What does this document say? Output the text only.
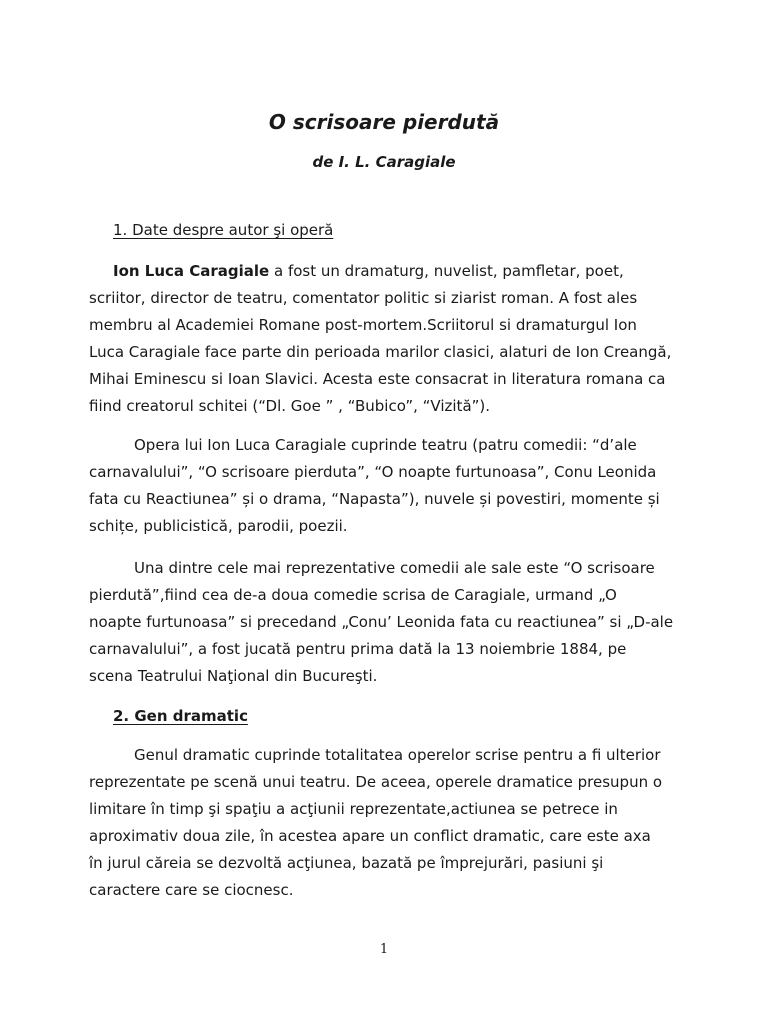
O scrisoare pierdută
de I. L. Caragiale
1. Date despre autor şi operă

Ion Luca Caragiale a fost un dramaturg, nuvelist, pamfletar, poet,
scriitor, director de teatru, comentator politic si ziarist roman. A fost ales
membru al Academiei Romane post-mortem.Scriitorul si dramaturgul Ion
Luca Caragiale face parte din perioada marilor clasici, alaturi de Ion Creangă,
Mihai Eminescu si Ioan Slavici. Acesta este consacrat in literatura romana ca
fiind creatorul schitei (“Dl. Goe ” , “Bubico”, “Vizită”).

Opera lui Ion Luca Caragiale cuprinde teatru (patru comedii: “d’ale
carnavalului”, “O scrisoare pierduta”, “O noapte furtunoasa”, Conu Leonida
fata cu Reactiunea” și o drama, “Napasta”), nuvele și povestiri, momente și
schițe, publicistică, parodii, poezii.

Una dintre cele mai reprezentative comedii ale sale este “O scrisoare
pierdută”,fiind cea de-a doua comedie scrisa de Caragiale, urmand „O
noapte furtunoasa” si precedand „Conu’ Leonida fata cu reactiunea” si „D-ale
carnavalului”, a fost jucată pentru prima dată la 13 noiembrie 1884, pe
scena Teatrului Naţional din Bucureşti.

2. Gen dramatic

Genul dramatic cuprinde totalitatea operelor scrise pentru a fi ulterior
reprezentate pe scenă unui teatru. De aceea, operele dramatice presupun o
limitare în timp şi spaţiu a acţiunii reprezentate,actiunea se petrece in
aproximativ doua zile, în acestea apare un conflict dramatic, care este axa
în jurul căreia se dezvoltă acţiunea, bazată pe împrejurări, pasiuni şi
caractere care se ciocnesc.

1
